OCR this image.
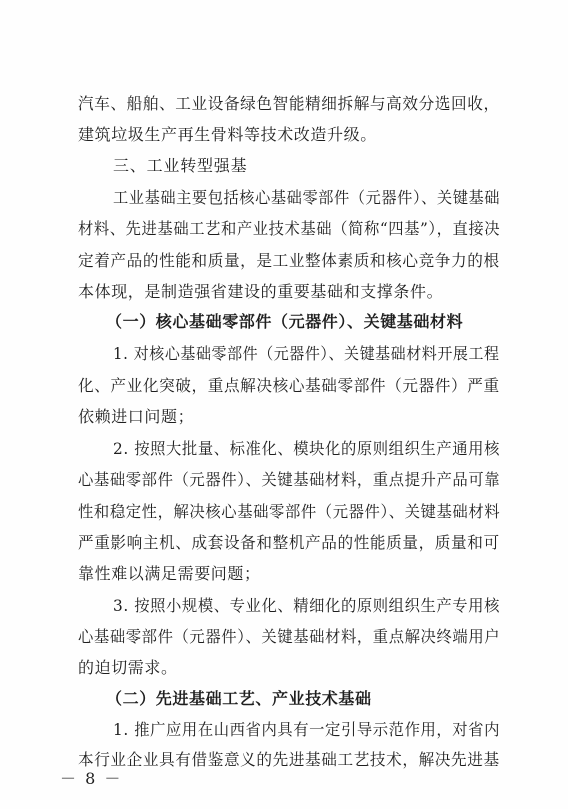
汽车、船舶、工业设备绿色智能精细拆解与高效分选回收，
建筑垃圾生产再生骨料等技术改造升级。
三、工业转型强基
工业基础主要包括核心基础零部件（元器件）、关键基础
材料、先进基础工艺和产业技术基础（简称“四基”），直接决
定着产品的性能和质量，是工业整体素质和核心竞争力的根
本体现，是制造强省建设的重要基础和支撑条件。
（一）核心基础零部件（元器件）、关键基础材料
1. 对核心基础零部件（元器件）、关键基础材料开展工程
化、产业化突破，重点解决核心基础零部件（元器件）严重
依赖进口问题；
2. 按照大批量、标准化、模块化的原则组织生产通用核
心基础零部件（元器件）、关键基础材料，重点提升产品可靠
性和稳定性，解决核心基础零部件（元器件）、关键基础材料
严重影响主机、成套设备和整机产品的性能质量，质量和可
靠性难以满足需要问题；
3. 按照小规模、专业化、精细化的原则组织生产专用核
心基础零部件（元器件）、关键基础材料，重点解决终端用户
的迫切需求。
（二）先进基础工艺、产业技术基础
1. 推广应用在山西省内具有一定引导示范作用，对省内
本行业企业具有借鉴意义的先进基础工艺技术，解决先进基
－ 8 －
